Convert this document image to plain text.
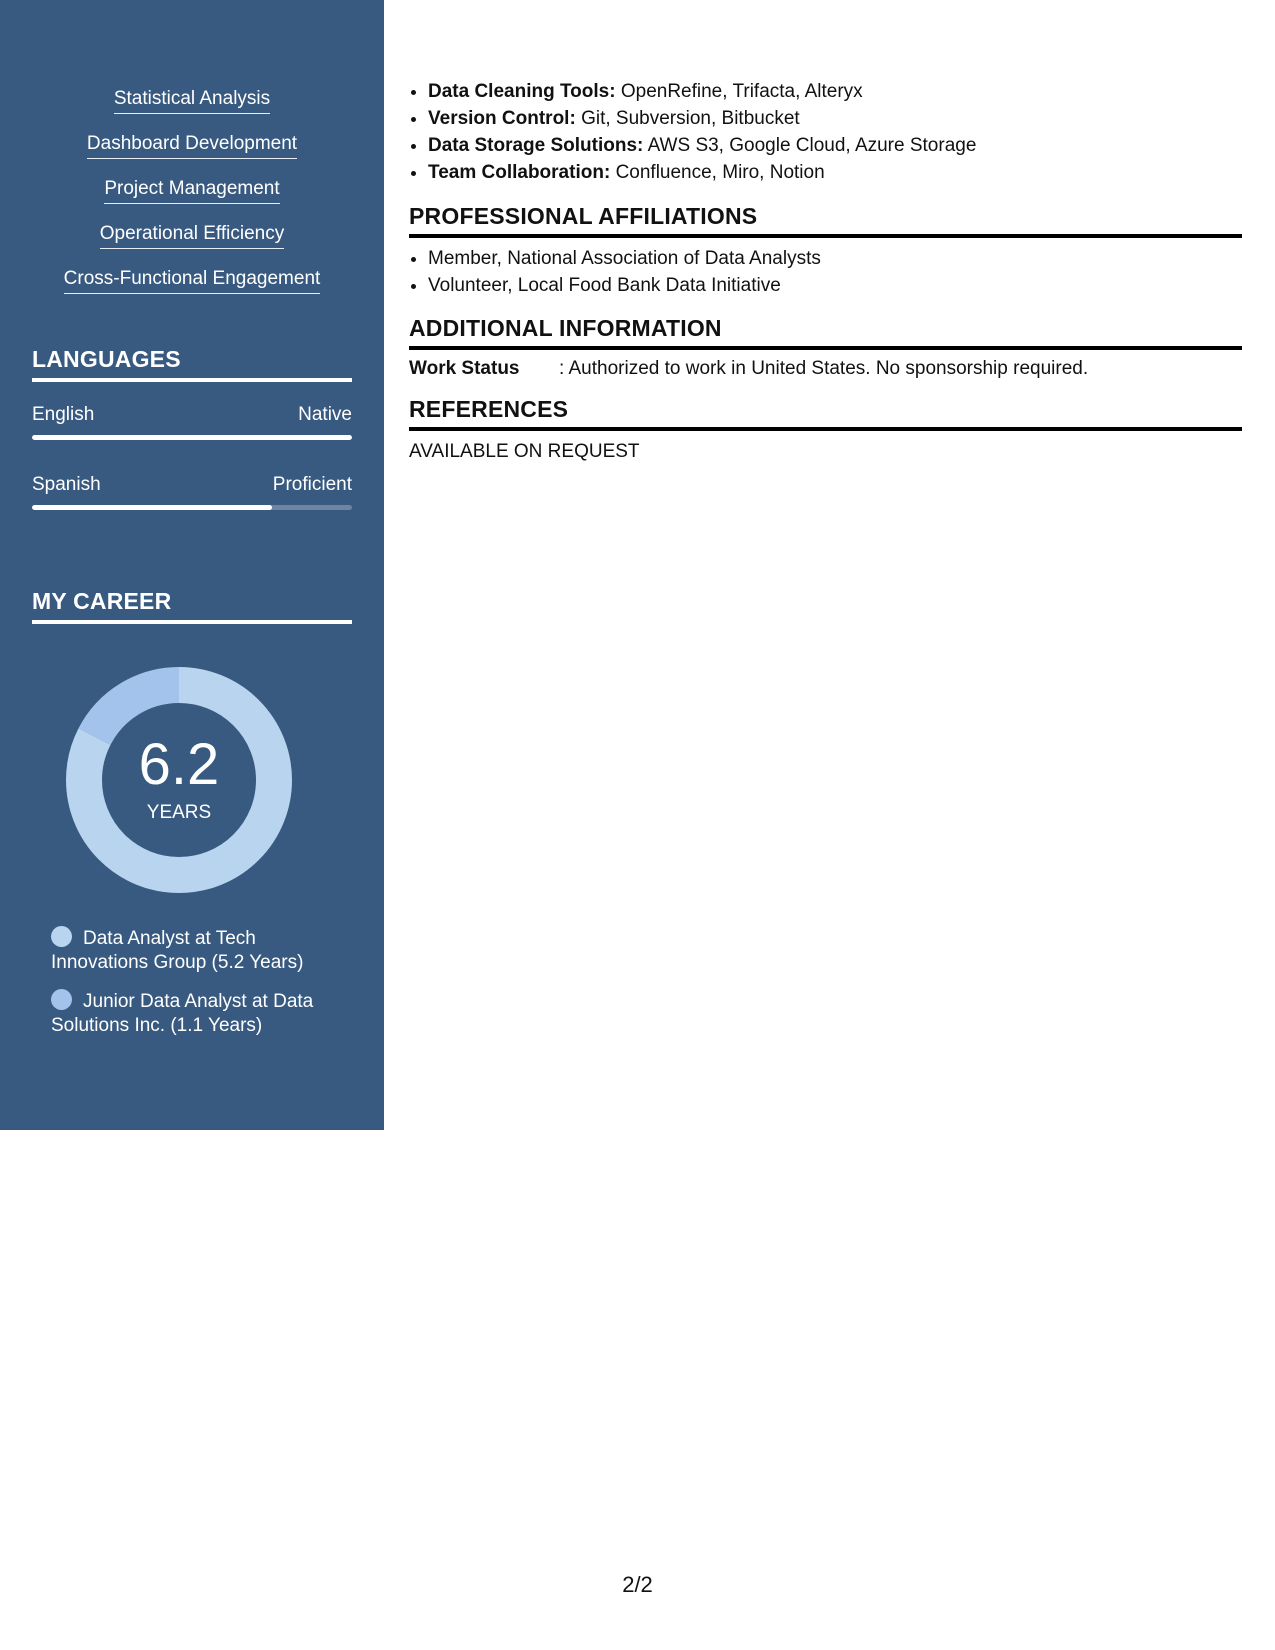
Statistical Analysis
Dashboard Development
Project Management
Operational Efficiency
Cross-Functional Engagement
LANGUAGES
English	Native
Spanish	Proficient
MY CAREER
6.2
YEARS
Data Analyst at Tech Innovations Group (5.2 Years)
Junior Data Analyst at Data Solutions Inc. (1.1 Years)
• Data Cleaning Tools: OpenRefine, Trifacta, Alteryx
• Version Control: Git, Subversion, Bitbucket
• Data Storage Solutions: AWS S3, Google Cloud, Azure Storage
• Team Collaboration: Confluence, Miro, Notion
PROFESSIONAL AFFILIATIONS
• Member, National Association of Data Analysts
• Volunteer, Local Food Bank Data Initiative
ADDITIONAL INFORMATION
Work Status	: Authorized to work in United States. No sponsorship required.
REFERENCES
AVAILABLE ON REQUEST
2/2
